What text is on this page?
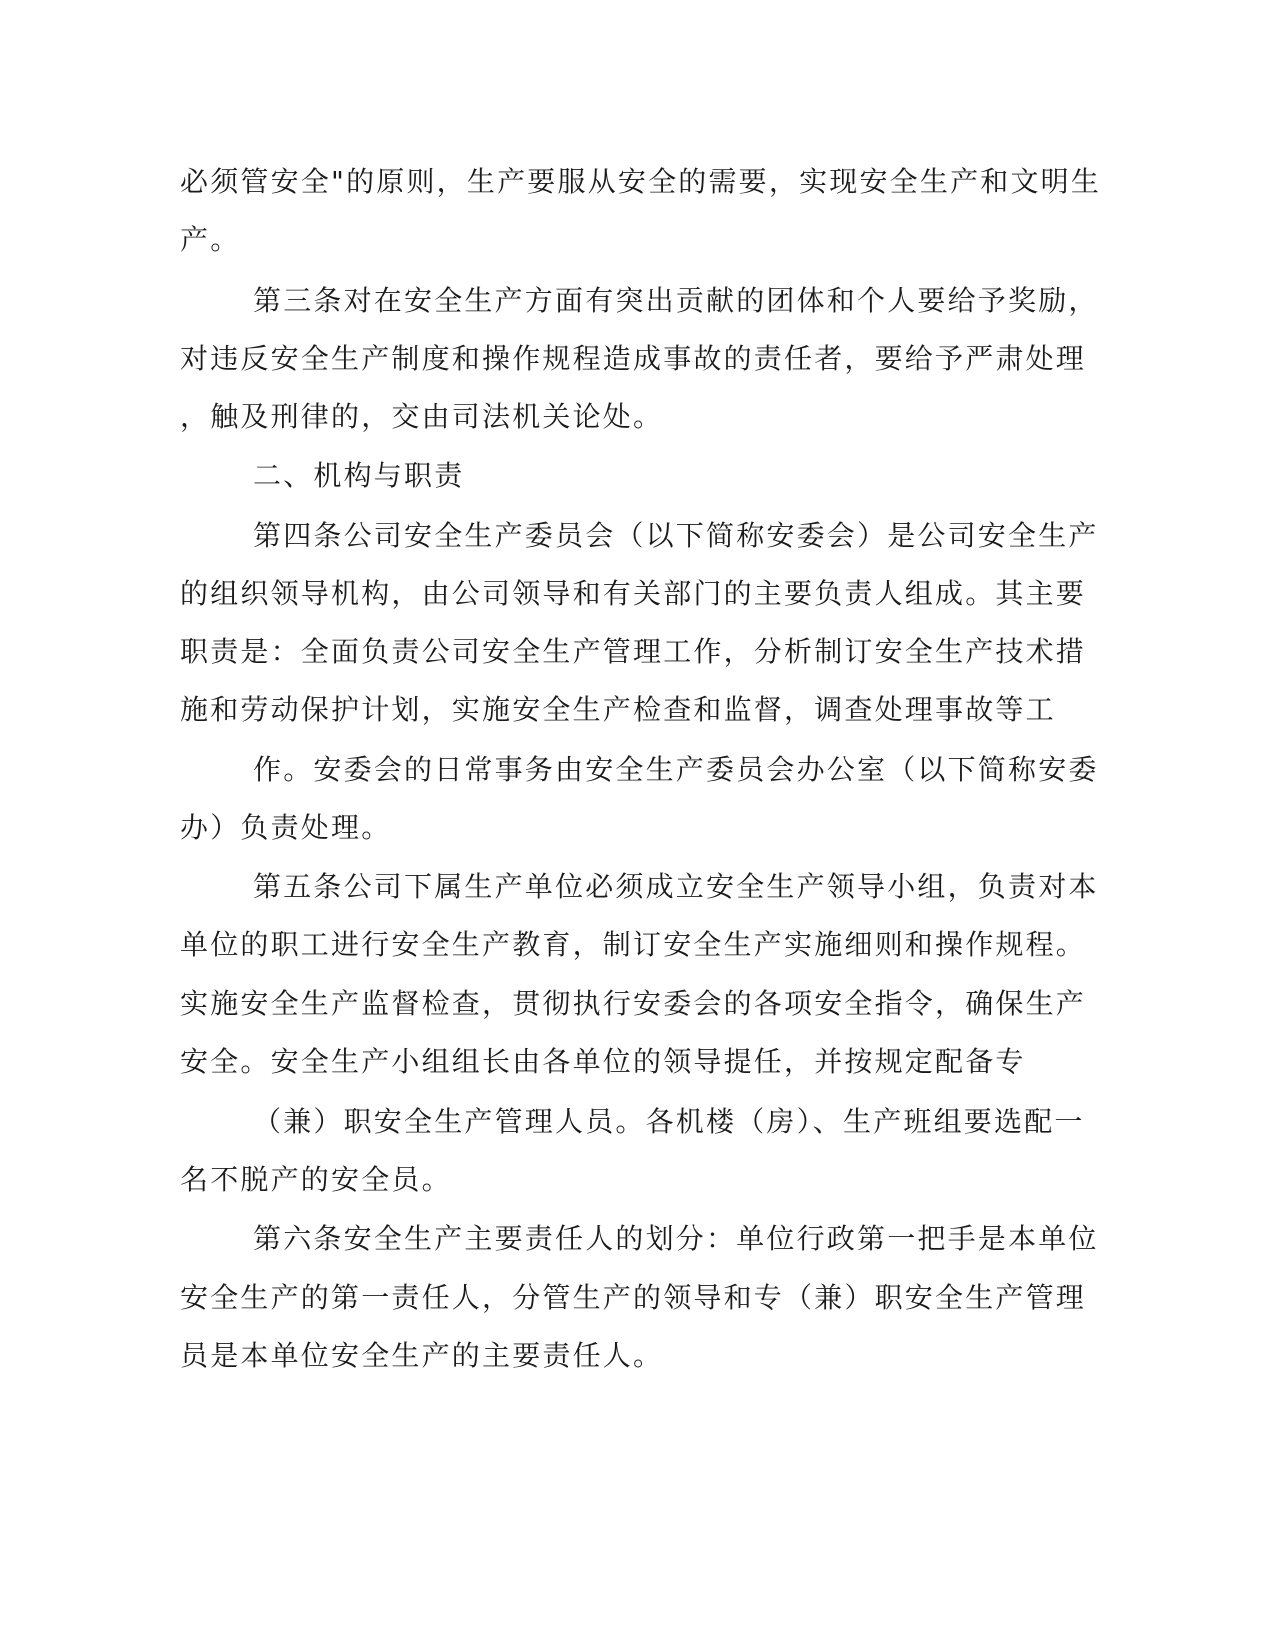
必须管安全"的原则，生产要服从安全的需要，实现安全生产和文明生
产。
第三条对在安全生产方面有突出贡献的团体和个人要给予奖励，
对违反安全生产制度和操作规程造成事故的责任者，要给予严肃处理
，触及刑律的，交由司法机关论处。
二、机构与职责
第四条公司安全生产委员会（以下简称安委会）是公司安全生产
的组织领导机构，由公司领导和有关部门的主要负责人组成。其主要
职责是：全面负责公司安全生产管理工作，分析制订安全生产技术措
施和劳动保护计划，实施安全生产检查和监督，调查处理事故等工
作。安委会的日常事务由安全生产委员会办公室（以下简称安委
办）负责处理。
第五条公司下属生产单位必须成立安全生产领导小组，负责对本
单位的职工进行安全生产教育，制订安全生产实施细则和操作规程。
实施安全生产监督检查，贯彻执行安委会的各项安全指令，确保生产
安全。安全生产小组组长由各单位的领导提任，并按规定配备专
（兼）职安全生产管理人员。各机楼（房）、生产班组要选配一
名不脱产的安全员。
第六条安全生产主要责任人的划分：单位行政第一把手是本单位
安全生产的第一责任人，分管生产的领导和专（兼）职安全生产管理
员是本单位安全生产的主要责任人。
